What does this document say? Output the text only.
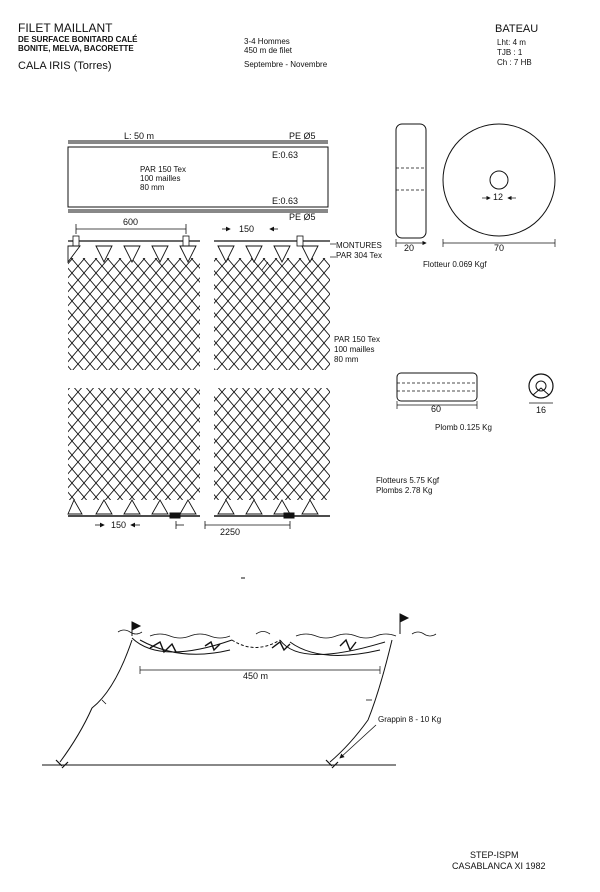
FILET MAILLANT
DE SURFACE BONITARD CALÉ
BONITE, MELVA, BACORETTE
CALA IRIS (Torres)
3-4 Hommes
450 m de filet
Septembre - Novembre
BATEAU
Lht: 4 m
TJB : 1
Ch : 7 HB
L: 50 m	PE Ø5
E:0.63
PAR 150 Tex
100 mailles
80 mm
E:0.63
PE Ø5
600
150
MONTURES
PAR 304 Tex
PAR 150 Tex
100 mailles
80 mm
150
2250
20	70
12
Flotteur 0.069 Kgf
60	16
Plomb 0.125 Kg
Flotteurs 5.75 Kgf
Plombs 2.78 Kg
450 m
Grappin 8 - 10 Kg
STEP-ISPM
CASABLANCA XI 1982
